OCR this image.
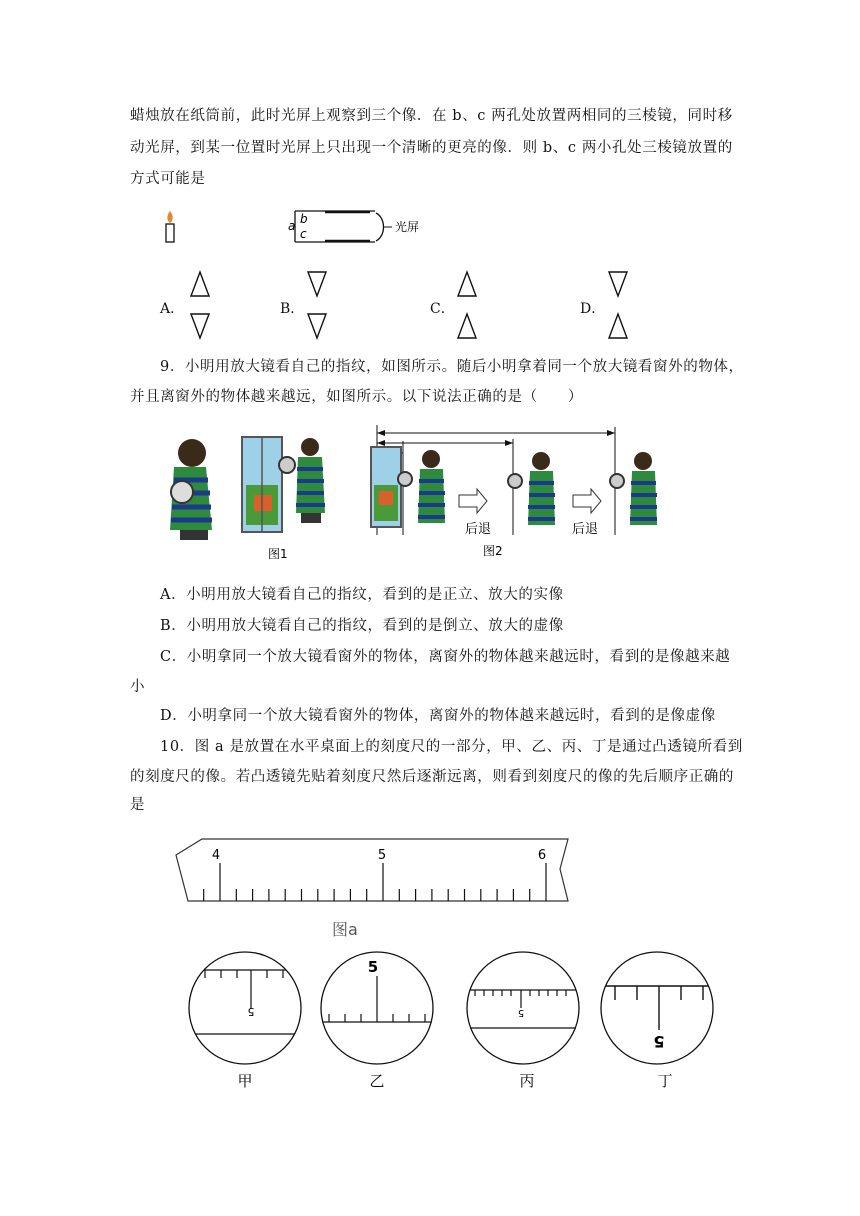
蜡烛放在纸筒前，此时光屏上观察到三个像．在 b、c 两孔处放置两相同的三棱镜，同时移
动光屏，到某一位置时光屏上只出现一个清晰的更亮的像．则 b、c 两小孔处三棱镜放置的
方式可能是
a b
c	光屏
A．	B．	C．	D．
9．小明用放大镜看自己的指纹，如图所示。随后小明拿着同一个放大镜看窗外的物体，
并且离窗外的物体越来越远，如图所示。以下说法正确的是（　　）
图1
后退	后退
图2
A．小明用放大镜看自己的指纹，看到的是正立、放大的实像
B．小明用放大镜看自己的指纹，看到的是倒立、放大的虚像
C．小明拿同一个放大镜看窗外的物体，离窗外的物体越来越远时，看到的是像越来越
小
D．小明拿同一个放大镜看窗外的物体，离窗外的物体越来越远时，看到的是像虚像
10．图 a 是放置在水平桌面上的刻度尺的一部分，甲、乙、丙、丁是通过凸透镜所看到
的刻度尺的像。若凸透镜先贴着刻度尺然后逐渐远离，则看到刻度尺的像的先后顺序正确的
是
4	5	6
图a
5
5
5
5
甲	乙	丙	丁
